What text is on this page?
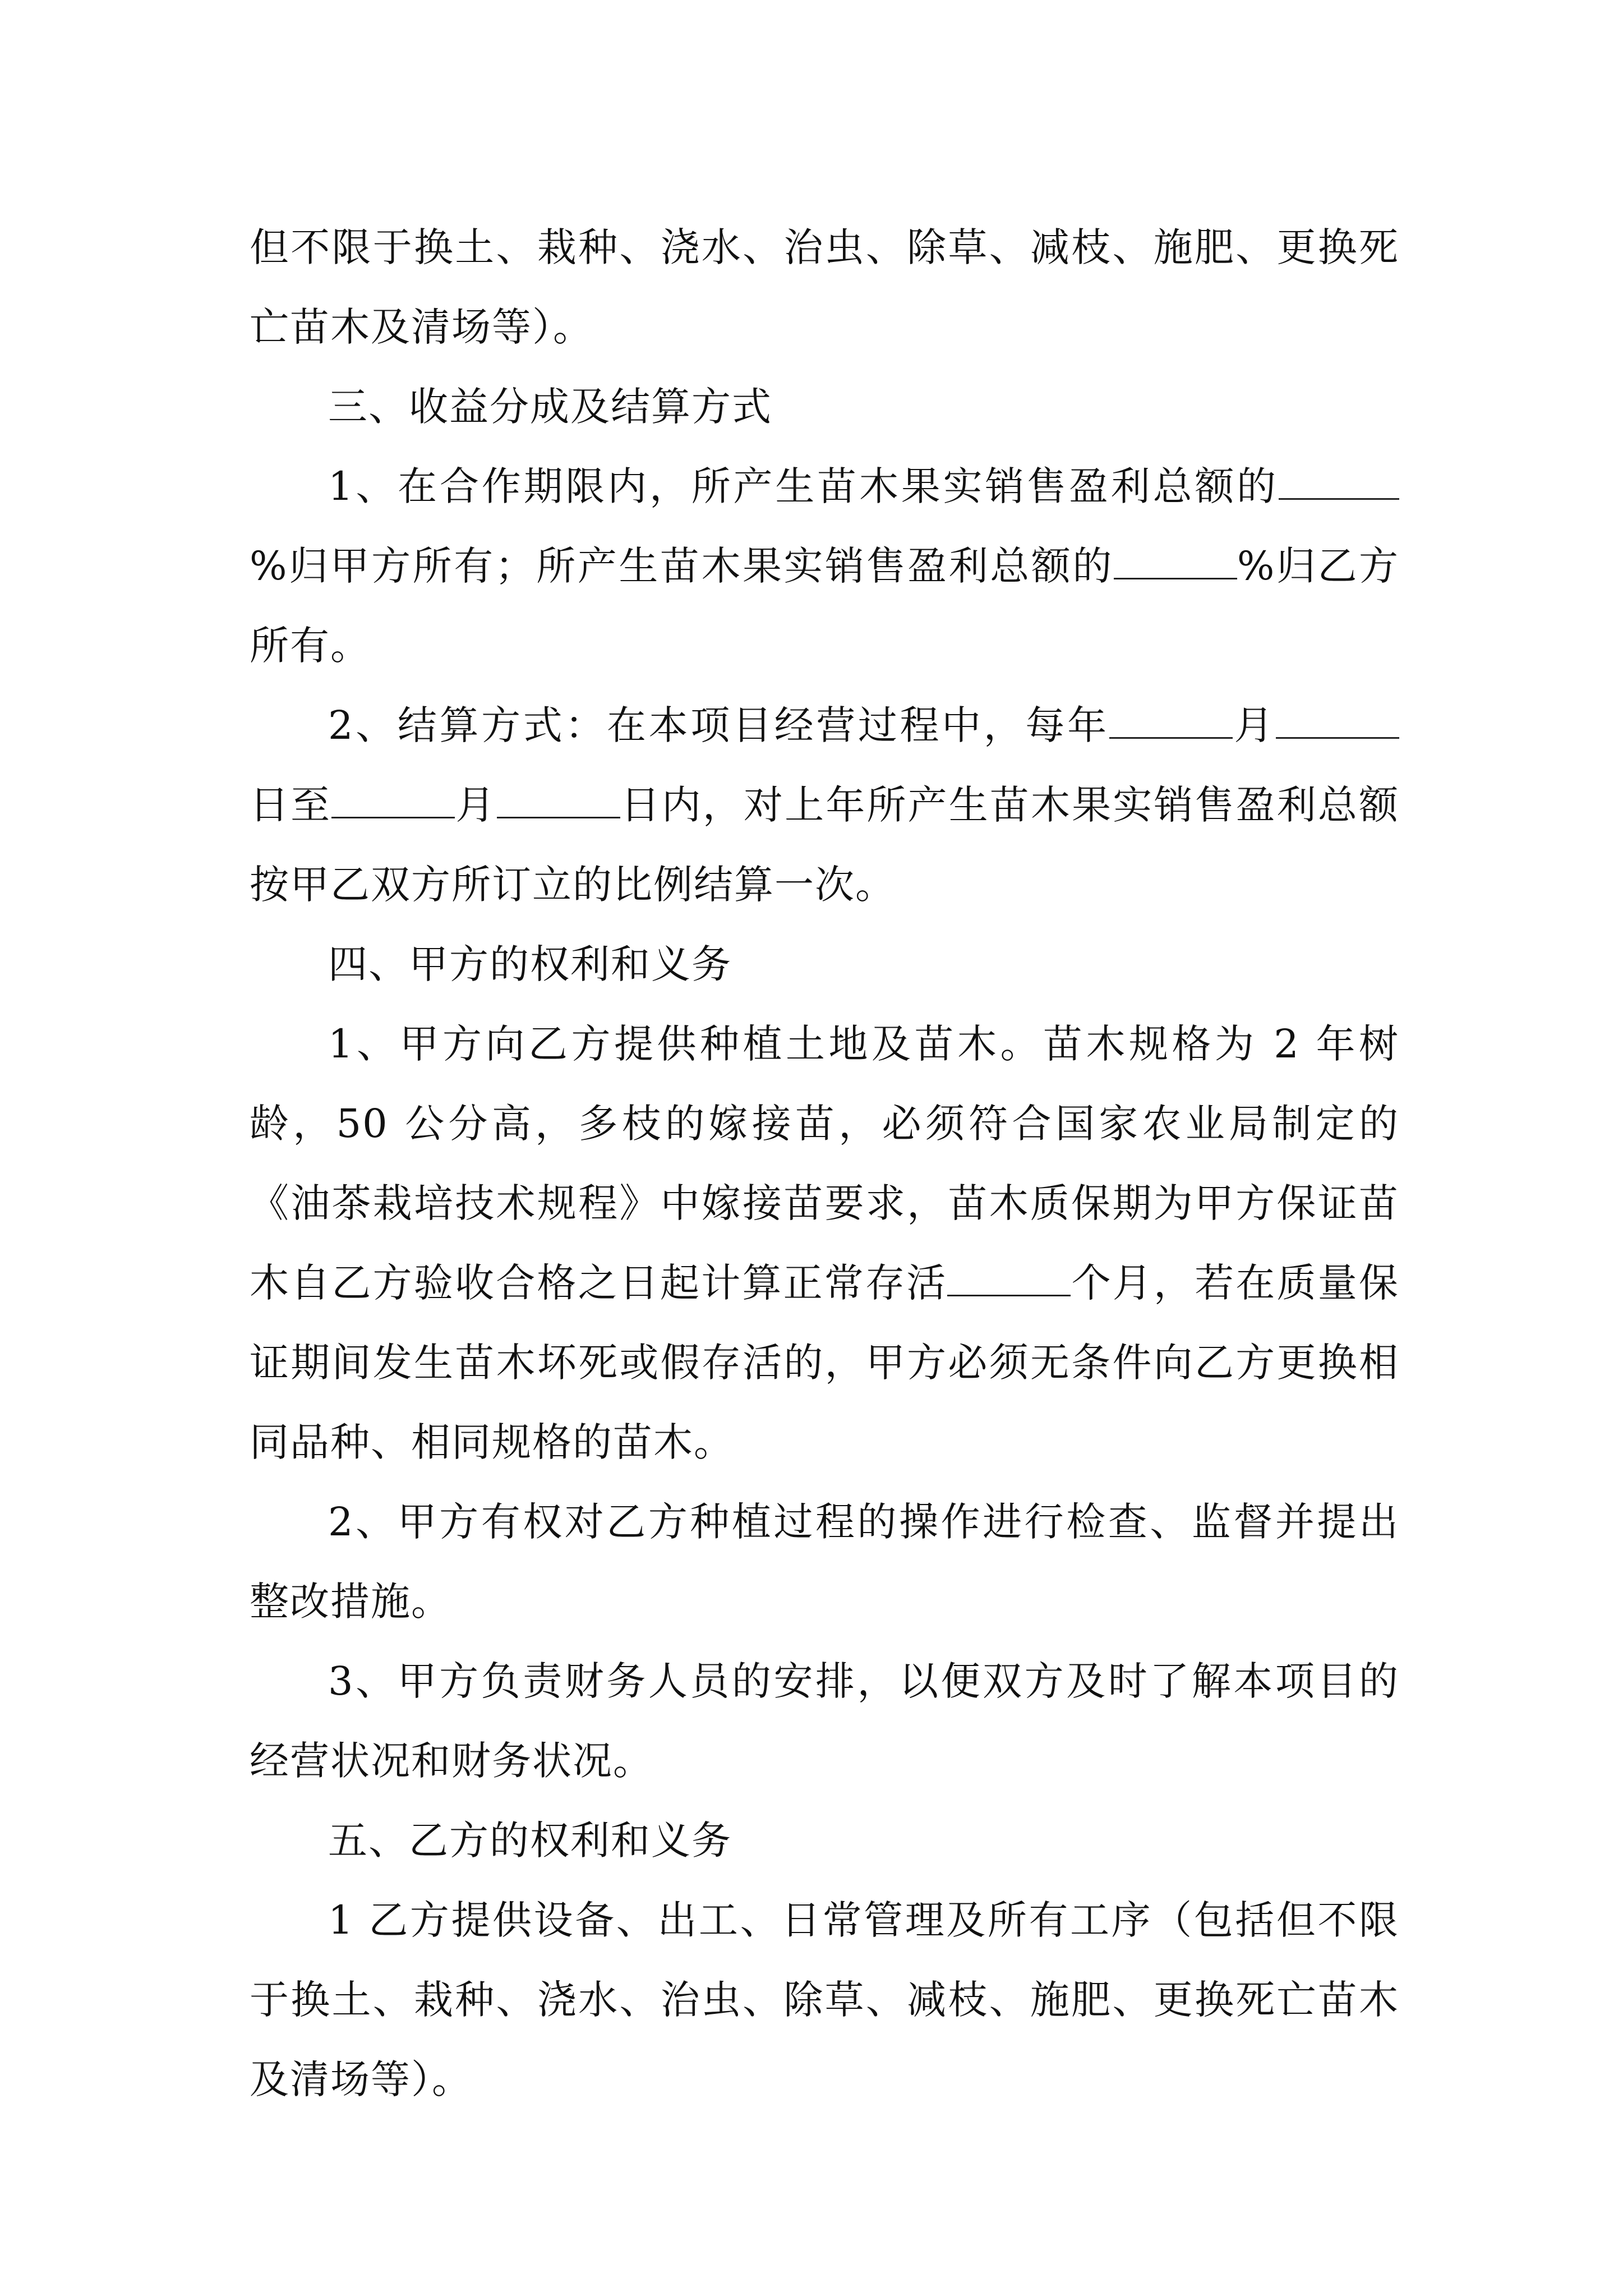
但不限于换土、栽种、浇水、治虫、除草、减枝、施肥、更换死亡苗木及清场等）。

三、收益分成及结算方式

1、在合作期限内，所产生苗木果实销售盈利总额的%归甲方所有；所产生苗木果实销售盈利总额的	%归乙方所有。

2、结算方式：在本项目经营过程中，每年	月日至	月	日内，对上年所产生苗木果实销售盈利总额按甲乙双方所订立的比例结算一次。

四、甲方的权利和义务

1、甲方向乙方提供种植土地及苗木。苗木规格为 2 年树龄，50 公分高，多枝的嫁接苗，必须符合国家农业局制定的《油茶栽培技术规程》中嫁接苗要求，苗木质保期为甲方保证苗木自乙方验收合格之日起计算正常存活	个月，若在质量保证期间发生苗木坏死或假存活的，甲方必须无条件向乙方更换相同品种、相同规格的苗木。

2、甲方有权对乙方种植过程的操作进行检查、监督并提出整改措施。

3、甲方负责财务人员的安排，以便双方及时了解本项目的经营状况和财务状况。

五、乙方的权利和义务

1 乙方提供设备、出工、日常管理及所有工序（包括但不限于换土、栽种、浇水、治虫、除草、减枝、施肥、更换死亡苗木及清场等）。
